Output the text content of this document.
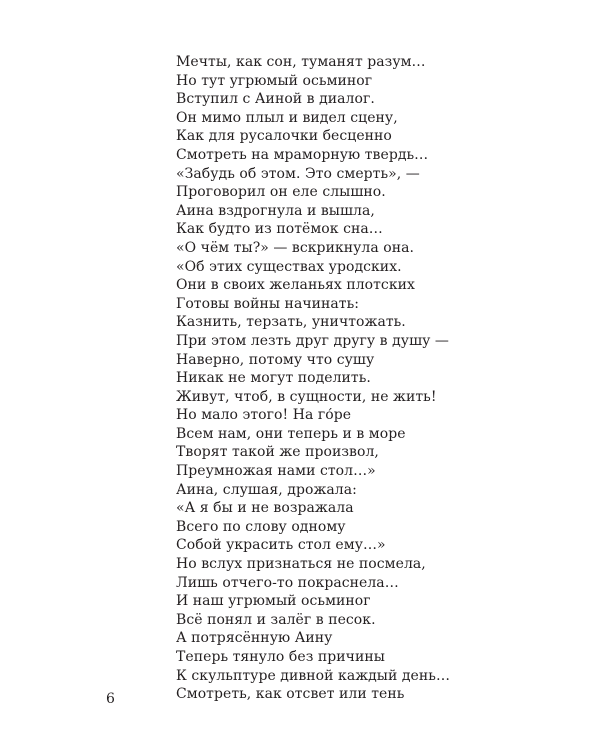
Мечты, как сон, туманят разум…
Но тут угрюмый осьминог
Вступил с Аиной в диалог.
Он мимо плыл и видел сцену,
Как для русалочки бесценно
Смотреть на мраморную твердь…
«Забудь об этом. Это смерть», —
Проговорил он еле слышно.
Аина вздрогнула и вышла,
Как будто из потёмок сна…
«О чём ты?» — вскрикнула она.
«Об этих существах уродских.
Они в своих желаньях плотских
Готовы войны начинать:
Казнить, терзать, уничтожать.
При этом лезть друг другу в душу —
Наверно, потому что сушу
Никак не могут поделить.
Живут, чтоб, в сущности, не жить!
Но мало этого! На го́ре
Всем нам, они теперь и в море
Творят такой же произвол,
Преумножая нами стол…»
Аина, слушая, дрожала:
«А я бы и не возражала
Всего по слову одному
Собой украсить стол ему…»
Но вслух признаться не посмела,
Лишь отчего-то покраснела…
И наш угрюмый осьминог
Всё понял и залёг в песок.
А потрясённую Аину
Теперь тянуло без причины
К скульптуре дивной каждый день…
Смотреть, как отсвет или тень
6
